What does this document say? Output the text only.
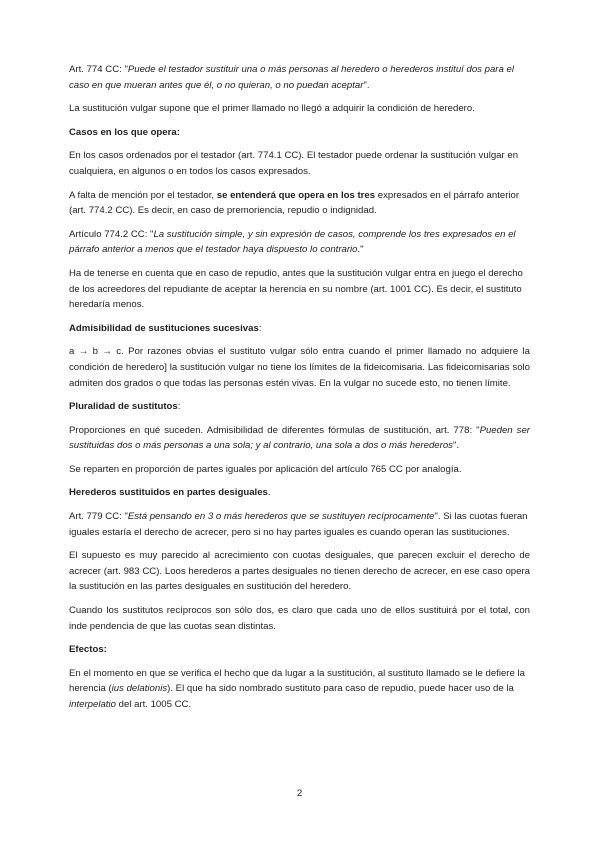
Art. 774 CC: "Puede el testador sustituir una o más personas al heredero o herederos instituí dos para el caso en que mueran antes que él, o no quieran, o no puedan aceptar".

La sustitución vulgar supone que el primer llamado no llegó a adquirir la condición de heredero.

Casos en los que opera:

En los casos ordenados por el testador (art. 774.1 CC). El testador puede ordenar la sustitución vulgar en cualquiera, en algunos o en todos los casos expresados.

A falta de mención por el testador, se entenderá que opera en los tres expresados en el párrafo anterior (art. 774.2 CC). Es decir, en caso de premoriencia, repudio o indignidad.

Artículo 774.2 CC: "La sustitución simple, y sin expresión de casos, comprende los tres expresados en el párrafo anterior a menos que el testador haya dispuesto lo contrario."

Ha de tenerse en cuenta que en caso de repudio, antes que la sustitución vulgar entra en juego el derecho de los acreedores del repudiante de aceptar la herencia en su nombre (art. 1001 CC). Es decir, el sustituto heredaría menos.

Admisibilidad de sustituciones sucesivas:

a → b → c. Por razones obvias el sustituto vulgar sólo entra cuando el primer llamado no adquiere la condición de heredero] la sustitución vulgar no tiene los límites de la fideicomisaria. Las fideicomisarias solo admiten dos grados o que todas las personas estén vivas. En la vulgar no sucede esto, no tienen límite.

Pluralidad de sustitutos:

Proporciones en qué suceden. Admisibilidad de diferentes fórmulas de sustitución, art. 778: "Pueden ser sustituidas dos o más personas a una sola; y al contrario, una sola a dos o más herederos".

Se reparten en proporción de partes iguales por aplicación del artículo 765 CC por analogía.

Herederos sustituidos en partes desiguales.

Art. 779 CC: "Está pensando en 3 o más herederos que se sustituyen recíprocamente". Si las cuotas fueran iguales estaría el derecho de acrecer, pero si no hay partes iguales es cuando operan las sustituciones.

El supuesto es muy parecido al acrecimiento con cuotas desiguales, que parecen excluir el derecho de acrecer (art. 983 CC). Loos herederos a partes desiguales no tienen derecho de acrecer, en ese caso opera la sustitución en las partes desiguales en sustitución del heredero.

Cuando los sustitutos recíprocos son sólo dos, es claro que cada uno de ellos sustituirá por el total, con inde pendencia de que las cuotas sean distintas.

Efectos:

En el momento en que se verifica el hecho que da lugar a la sustitución, al sustituto llamado se le defiere la herencia (ius delationis). El que ha sido nombrado sustituto para caso de repudio, puede hacer uso de la interpelatio del art. 1005 CC.

2
